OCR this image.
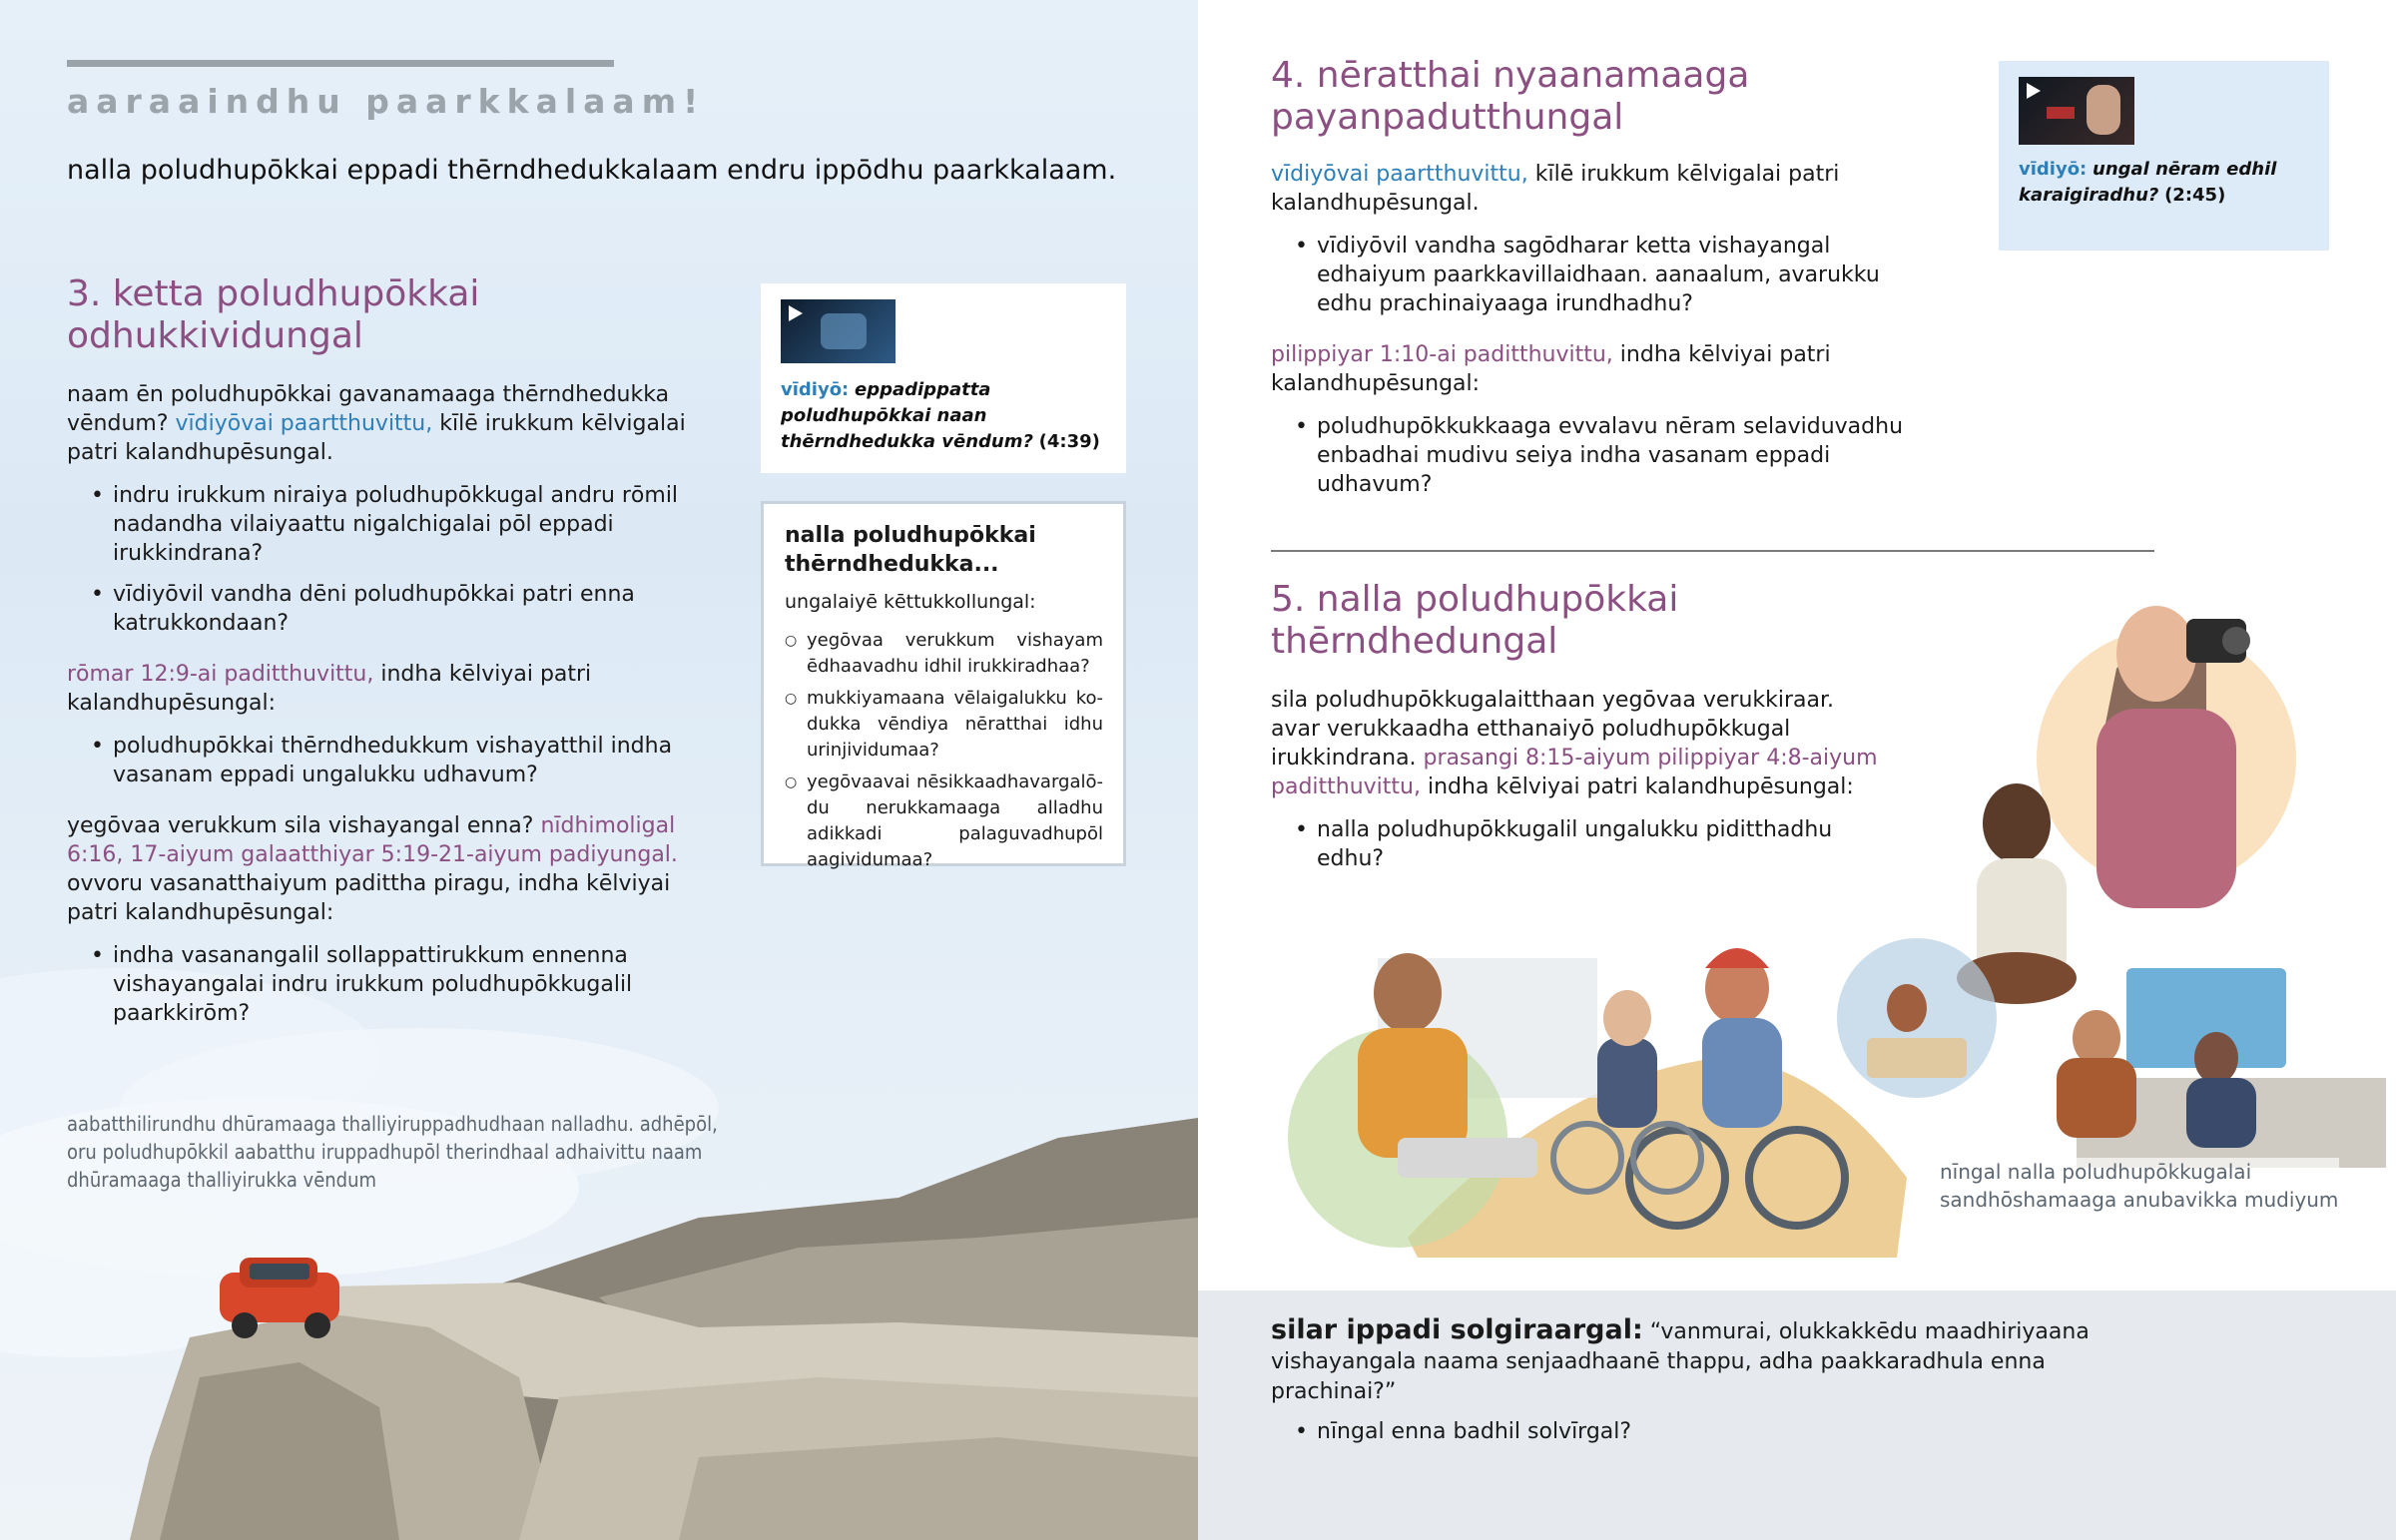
aaraaindhu paarkkalaam!
nalla poludhupōkkai eppadi thērndhedukkalaam endru ippōdhu paarkkalaam.
3. ketta poludhupōkkai odhukkividungal

naam ēn poludhupōkkai gavanamaaga thērndhedukka vēndum? vīdiyōvai paartthuvittu, kīlē irukkum kēlvigalai patri kalandhupēsungal.

• indru irukkum niraiya poludhupōkkugal andru rōmil nadandha vilaiyaattu nigalchigalai pōl eppadi irukkindrana?
• vīdiyōvil vandha dēni poludhupōkkai patri enna katrukkondaan?

rōmar 12:9-ai paditthuvittu, indha kēlviyai patri kalandhupēsungal:

• poludhupōkkai thērndhedukkum vishayatthil indha vasanam eppadi ungalukku udhavum?

yegōvaa verukkum sila vishayangal enna? nīdhimoligal 6:16, 17-aiyum galaatthiyar 5:19-21-aiyum padiyungal. ovvoru vasanatthaiyum padittha piragu, indha kēlviyai patri kalandhupēsungal:

• indha vasanangalil sollappattirukkum ennenna vishayangalai indru irukkum poludhupōkkugalil paarkkirōm?
vīdiyō: eppadippatta poludhupōkkai naan thērndhedukka vēndum? (4:39)
nalla poludhupōkkai thērndhedukka...
ungalaiyē kēttukkollungal:
○ yegōvaa verukkum vishayam ēdhaavadhu idhil irukkiradhaa?
○ mukkiyamaana vēlaigalukku kodukka vēndiya nēratthai idhu urinjividumaa?
○ yegōvaavai nēsikkaadhavargalōdu nerukkamaaga alladhu adikkadi palaguvadhupōl aagividumaa?
aabatthilirundhu dhūramaaga thalliyiruppadhudhaan nalladhu. adhēpōl, oru poludhupōkkil aabatthu iruppadhupōl therindhaal adhaivittu naam dhūramaaga thalliyirukka vēndum
4. nēratthai nyaanamaaga payanpadutthungal

vīdiyōvai paartthuvittu, kīlē irukkum kēlvigalai patri kalandhupēsungal.

• vīdiyōvil vandha sagōdharar ketta vishayangal edhaiyum paarkkavillaidhaan. aanaalum, avarukku edhu prachinaiyaaga irundhadhu?

pilippiyar 1:10-ai paditthuvittu, indha kēlviyai patri kalandhupēsungal:

• poludhupōkkukkaaga evvalavu nēram selaviduvadhu enbadhai mudivu seiya indha vasanam eppadi udhavum?
vīdiyō: ungal nēram edhil karaigiradhu? (2:45)
5. nalla poludhupōkkai thērndhedungal

sila poludhupōkkugalaitthaan yegōvaa verukkiraar. avar verukkaadha etthanaiyō poludhupōkkugal irukkindrana. prasangi 8:15-aiyum pilippiyar 4:8-aiyum paditthuvittu, indha kēlviyai patri kalandhupēsungal:

• nalla poludhupōkkugalil ungalukku piditthadhu edhu?
nīngal nalla poludhupōkkugalai sandhōshamaaga anubavikka mudiyum

silar ippadi solgiraargal: “vanmurai, olukkakkēdu maadhiriyaana vishayangala naama senjaadhaanē thappu, adha paakkaradhula enna prachinai?”

• nīngal enna badhil solvīrgal?
